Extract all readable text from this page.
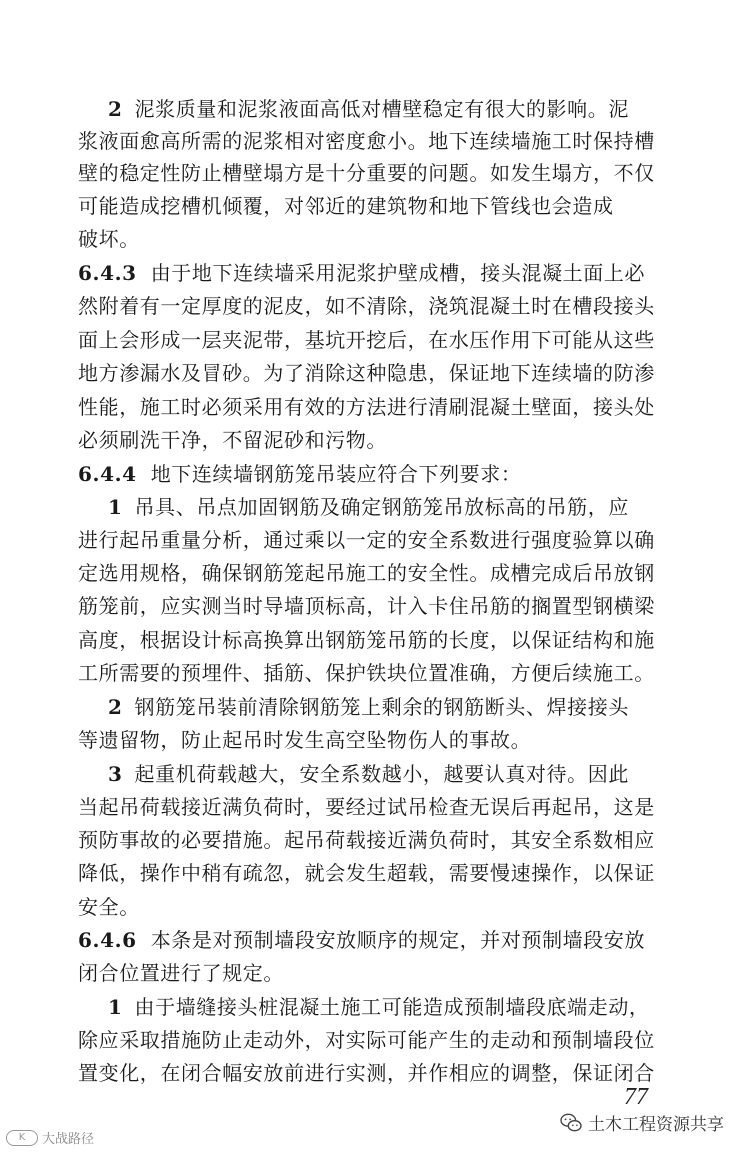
2 泥浆质量和泥浆液面高低对槽壁稳定有很大的影响。泥
浆液面愈高所需的泥浆相对密度愈小。地下连续墙施工时保持槽
壁的稳定性防止槽壁塌方是十分重要的问题。如发生塌方，不仅
可能造成挖槽机倾覆，对邻近的建筑物和地下管线也会造成
破坏。
6.4.3 由于地下连续墙采用泥浆护壁成槽，接头混凝土面上必
然附着有一定厚度的泥皮，如不清除，浇筑混凝土时在槽段接头
面上会形成一层夹泥带，基坑开挖后，在水压作用下可能从这些
地方渗漏水及冒砂。为了消除这种隐患，保证地下连续墙的防渗
性能，施工时必须采用有效的方法进行清刷混凝土壁面，接头处
必须刷洗干净，不留泥砂和污物。
6.4.4 地下连续墙钢筋笼吊装应符合下列要求：
1 吊具、吊点加固钢筋及确定钢筋笼吊放标高的吊筋，应
进行起吊重量分析，通过乘以一定的安全系数进行强度验算以确
定选用规格，确保钢筋笼起吊施工的安全性。成槽完成后吊放钢
筋笼前，应实测当时导墙顶标高，计入卡住吊筋的搁置型钢横梁
高度，根据设计标高换算出钢筋笼吊筋的长度，以保证结构和施
工所需要的预埋件、插筋、保护铁块位置准确，方便后续施工。
2 钢筋笼吊装前清除钢筋笼上剩余的钢筋断头、焊接接头
等遗留物，防止起吊时发生高空坠物伤人的事故。
3 起重机荷载越大，安全系数越小，越要认真对待。因此
当起吊荷载接近满负荷时，要经过试吊检查无误后再起吊，这是
预防事故的必要措施。起吊荷载接近满负荷时，其安全系数相应
降低，操作中稍有疏忽，就会发生超载，需要慢速操作，以保证
安全。
6.4.6 本条是对预制墙段安放顺序的规定，并对预制墙段安放
闭合位置进行了规定。
1 由于墙缝接头桩混凝土施工可能造成预制墙段底端走动，
除应采取措施防止走动外，对实际可能产生的走动和预制墙段位
置变化，在闭合幅安放前进行实测，并作相应的调整，保证闭合
77
土木工程资源共享
K	大战路径
